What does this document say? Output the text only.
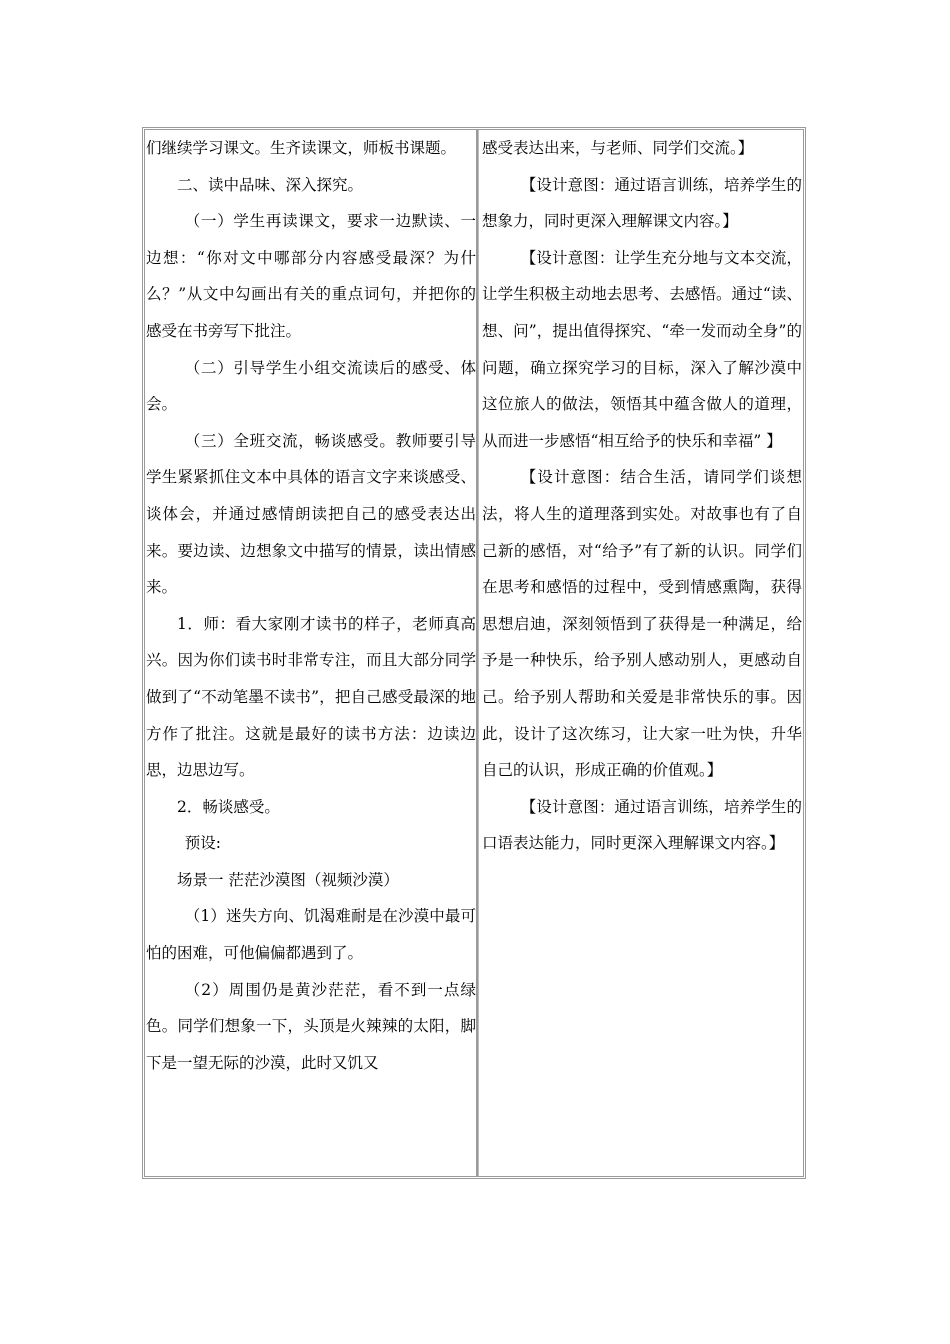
们继续学习课文。生齐读课文，师板书课题。

二、读中品味、深入探究。

（一）学生再读课文，要求一边默读、一边想：“你对文中哪部分内容感受最深？为什么？”从文中勾画出有关的重点词句，并把你的感受在书旁写下批注。

（二）引导学生小组交流读后的感受、体会。

（三）全班交流，畅谈感受。教师要引导学生紧紧抓住文本中具体的语言文字来谈感受、谈体会，并通过感情朗读把自己的感受表达出来。要边读、边想象文中描写的情景，读出情感来。

1．师：看大家刚才读书的样子，老师真高兴。因为你们读书时非常专注，而且大部分同学做到了“不动笔墨不读书”，把自己感受最深的地方作了批注。这就是最好的读书方法：边读边思，边思边写。

2．畅谈感受。

预设:

场景一 茫茫沙漠图（视频沙漠）

（1）迷失方向、饥渴难耐是在沙漠中最可怕的困难，可他偏偏都遇到了。

（2）周围仍是黄沙茫茫，看不到一点绿色。同学们想象一下，头顶是火辣辣的太阳，脚下是一望无际的沙漠，此时又饥又

感受表达出来，与老师、同学们交流。】

【设计意图：通过语言训练，培养学生的想象力，同时更深入理解课文内容。】

【设计意图：让学生充分地与文本交流，让学生积极主动地去思考、去感悟。通过“读、想、问”，提出值得探究、“牵一发而动全身”的问题，确立探究学习的目标，深入了解沙漠中这位旅人的做法，领悟其中蕴含做人的道理，从而进一步感悟“相互给予的快乐和幸福” 】

【设计意图：结合生活，请同学们谈想法，将人生的道理落到实处。对故事也有了自己新的感悟，对“给予”有了新的认识。同学们在思考和感悟的过程中，受到情感熏陶，获得思想启迪，深刻领悟到了获得是一种满足，给予是一种快乐，给予别人感动别人，更感动自己。给予别人帮助和关爱是非常快乐的事。因此，设计了这次练习，让大家一吐为快，升华自己的认识，形成正确的价值观。】

【设计意图：通过语言训练，培养学生的口语表达能力，同时更深入理解课文内容。】
